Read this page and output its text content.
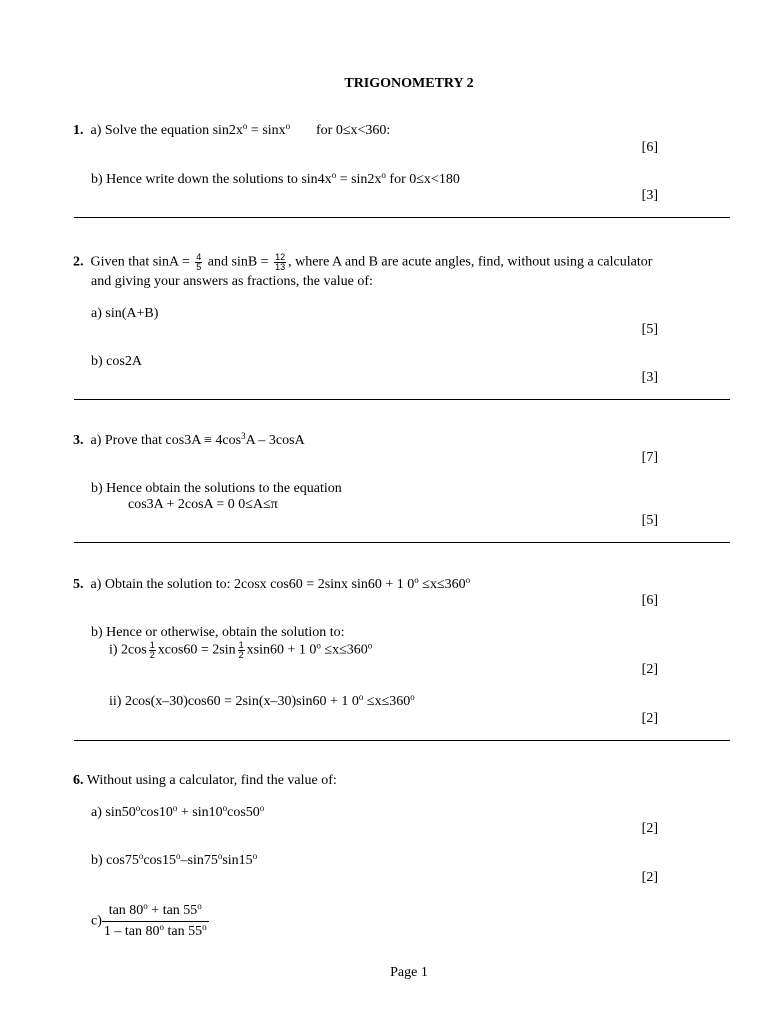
TRIGONOMETRY 2
1. a) Solve the equation $\sin 2x^o = \sin x^o$ for 0≤x<360:
[6]
b) Hence write down the solutions to $\sin 4x^o = \sin 2x^o$ for 0≤x<180
[3]
2. Given that $\sin A = \frac{4}{5}$ and $\sin B = \frac{12}{13}$ , where A and B are acute angles, find, without using a calculator
and giving your answers as fractions, the value of:
a) sin(A+B)
[5]
b) cos2A
[3]
3. a) Prove that $\cos 3A \equiv 4\cos^3A - 3\cos A$
[7]
b) Hence obtain the solutions to the equation
cos3A + 2cosA = 0 0≤A≤π
[5]
5. a) Obtain the solution to: 2cosx cos60 = 2sinx sin60 + 1 $0^o \le x\le 360^o$
[6]
b) Hence or otherwise, obtain the solution to:
i) $2\cos \frac{1}{2} xcos60 = 2\sin \frac{1}{2} xsin60 + 1$ $0^o \le x\le 360^o$
[2]
ii) 2cos(x–30)cos60 = 2sin(x–30)sin60 + 1 $0^o \le x\le 360^o$
[2]
6. Without using a calculator, find the value of:
a) $\sin 50^o\cos 10^o + \sin 10^o\cos 50^o$
[2]
b) cos75$^o$cos15$^o$–sin75$^o$sin15$^o$
[2]
$c) \frac{\tan 80^o + \tan 55^o}{1 - \tan 80^o \tan 55^o}$
Page 1
